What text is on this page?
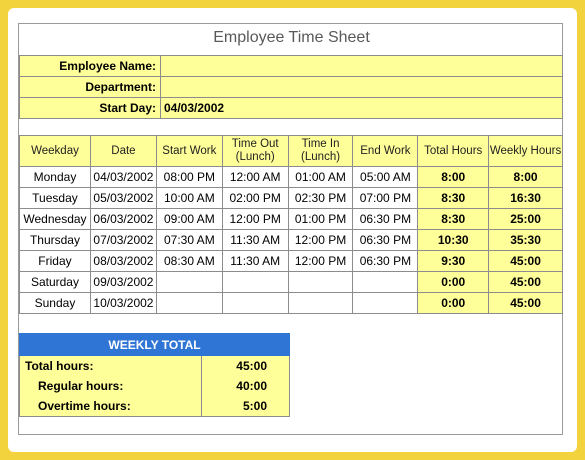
Employee Time Sheet
Employee Name:	
Department:	
Start Day:	04/03/2002
Weekday	Date	Start Work	Time Out (Lunch)	Time In (Lunch)	End Work	Total Hours	Weekly Hours
Monday	04/03/2002	08:00 PM	12:00 AM	01:00 AM	05:00 AM	8:00	8:00
Tuesday	05/03/2002	10:00 AM	02:00 PM	02:30 PM	07:00 PM	8:30	16:30
Wednesday	06/03/2002	09:00 AM	12:00 PM	01:00 PM	06:30 PM	8:30	25:00
Thursday	07/03/2002	07:30 AM	11:30 AM	12:00 PM	06:30 PM	10:30	35:30
Friday	08/03/2002	08:30 AM	11:30 AM	12:00 PM	06:30 PM	9:30	45:00
Saturday	09/03/2002					0:00	45:00
Sunday	10/03/2002					0:00	45:00
WEEKLY TOTAL	
Total hours:	45:00
Regular hours:	40:00
Overtime hours:	5:00
